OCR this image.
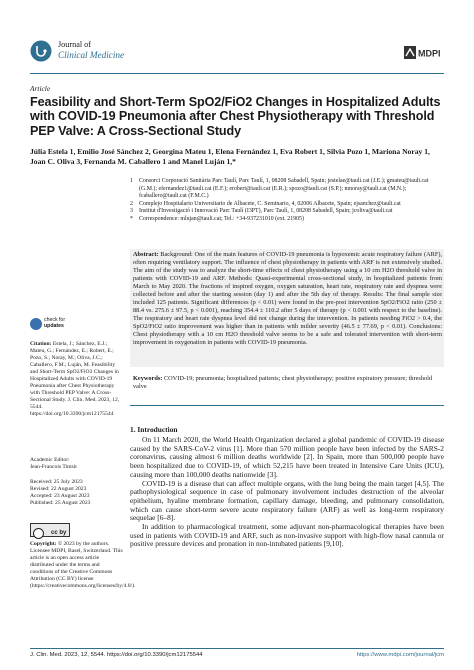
Journal of
Clinical Medicine	MDPI
Article
Feasibility and Short-Term SpO2/FiO2 Changes in Hospitalized Adults with COVID-19 Pneumonia after Chest Physiotherapy with Threshold PEP Valve: A Cross-Sectional Study
Júlia Estela 1, Emilio José Sánchez 2, Georgina Mateu 1, Elena Fernández 1, Eva Robert 1, Silvia Pozo 1, Mariona Noray 1, Joan C. Oliva 3, Fernanda M. Caballero 1 and Manel Luján 1,*
1	Consorci Corporació Sanitària Parc Taulí, Parc Taulí, 1, 08208 Sabadell, Spain; jestelae@tauli.cat (J.E.); gmateu@tauli.cat (G.M.); efernandez1@tauli.cat (E.F.); erobert@tauli.cat (E.R.); spozo@tauli.cat (S.P.); mnoray@tauli.cat (M.N.); fcaballero@tauli.cat (F.M.C.)
2	Complejo Hospitalario Universitario de Albacete, C. Seminario, 4, 02006 Albacete, Spain; ejsanchez@tauli.cat
3	Institut d'Investigació i Innovació Parc Taulí (I3PT), Parc Taulí, 1, 08208 Sabadell, Spain; jcoliva@tauli.cat
*	Correspondence: mlujan@tauli.cat; Tel.: +34-937231010 (ext. 21905)
Abstract: Background: One of the main features of COVID-19 pneumonia is hypoxemic acute respiratory failure (ARF), often requiring ventilatory support. The influence of chest physiotherapy in patients with ARF is not extensively studied. The aim of the study was to analyze the short-time effects of chest physiotherapy using a 10 cm H2O threshold valve in patients with COVID-19 and ARF. Methods: Quasi-experimental cross-sectional study, in hospitalized patients from March to May 2020. The fractions of inspired oxygen, oxygen saturation, heart rate, respiratory rate and dyspnea were collected before and after the starting session (day 1) and after the 5th day of therapy. Results: The final sample size included 125 patients. Significant differences (p < 0.01) were found in the pre-post intervention SpO2/FiO2 ratio (250 ± 88.4 vs. 275.6 ± 97.5, p < 0.001), reaching 354.4 ± 110.2 after 5 days of therapy (p < 0.001 with respect to the baseline). The respiratory and heart rate dyspnea level did not change during the intervention. In patients needing FiO2 > 0.4, the SpO2/FiO2 ratio improvement was higher than in patients with milder severity (46.5 ± 77.69, p < 0.01). Conclusions: Chest physiotherapy with a 10 cm H2O threshold valve seems to be a safe and tolerated intervention with short-term improvement in oxygenation in patients with COVID-19 pneumonia.
Keywords: COVID-19; pneumonia; hospitalized patients; chest physiotherapy; positive expiratory pressure; threshold valve
1. Introduction

On 11 March 2020, the World Health Organization declared a global pandemic of COVID-19 disease caused by the SARS-CoV-2 virus [1]. More than 570 million people have been infected by the SARS-2 coronavirus, causing almost 6 million deaths worldwide [2]. In Spain, more than 500,000 people have been hospitalized due to COVID-19, of which 52,215 have been treated in Intensive Care Units (ICU), causing more than 100,000 deaths nationwide [3].

COVID-19 is a disease that can affect multiple organs, with the lung being the main target [4,5]. The pathophysiological sequence in case of pulmonary involvement includes destruction of the alveolar epithelium, hyaline membrane formation, capillary damage, bleeding, and pulmonary consolidation, which can cause short-term severe acute respiratory failure (ARF) as well as long-term respiratory sequelae [6–8].

In addition to pharmacological treatment, some adjuvant non-pharmacological therapies have been used in patients with COVID-19 and ARF, such as non-invasive support with high-flow nasal cannula or positive pressure devices and pronation in non-intubated patients [9,10].

check for
updates
Citation: Estela, J.; Sánchez, E.J.; Mateu, G.; Fernández, E.; Robert, E.; Pozo, S.; Noray, M.; Oliva, J.C.; Caballero, F.M.; Luján, M. Feasibility and Short-Term SpO2/FiO2 Changes in Hospitalized Adults with COVID-19 Pneumonia after Chest Physiotherapy with Threshold PEP Valve: A Cross-Sectional Study. J. Clin. Med. 2023, 12, 5544. https://doi.org/10.3390/jcm12175544
Academic Editor:
Jean-Francois Timsit
Received: 25 July 2023
Revised: 22 August 2023
Accepted: 23 August 2023
Published: 25 August 2023
cc by
Copyright: © 2023 by the authors. Licensee MDPI, Basel, Switzerland. This article is an open access article distributed under the terms and conditions of the Creative Commons Attribution (CC BY) license (https://creativecommons.org/licenses/by/4.0/).
J. Clin. Med. 2023, 12, 5544. https://doi.org/10.3390/jcm12175544	https://www.mdpi.com/journal/jcm
